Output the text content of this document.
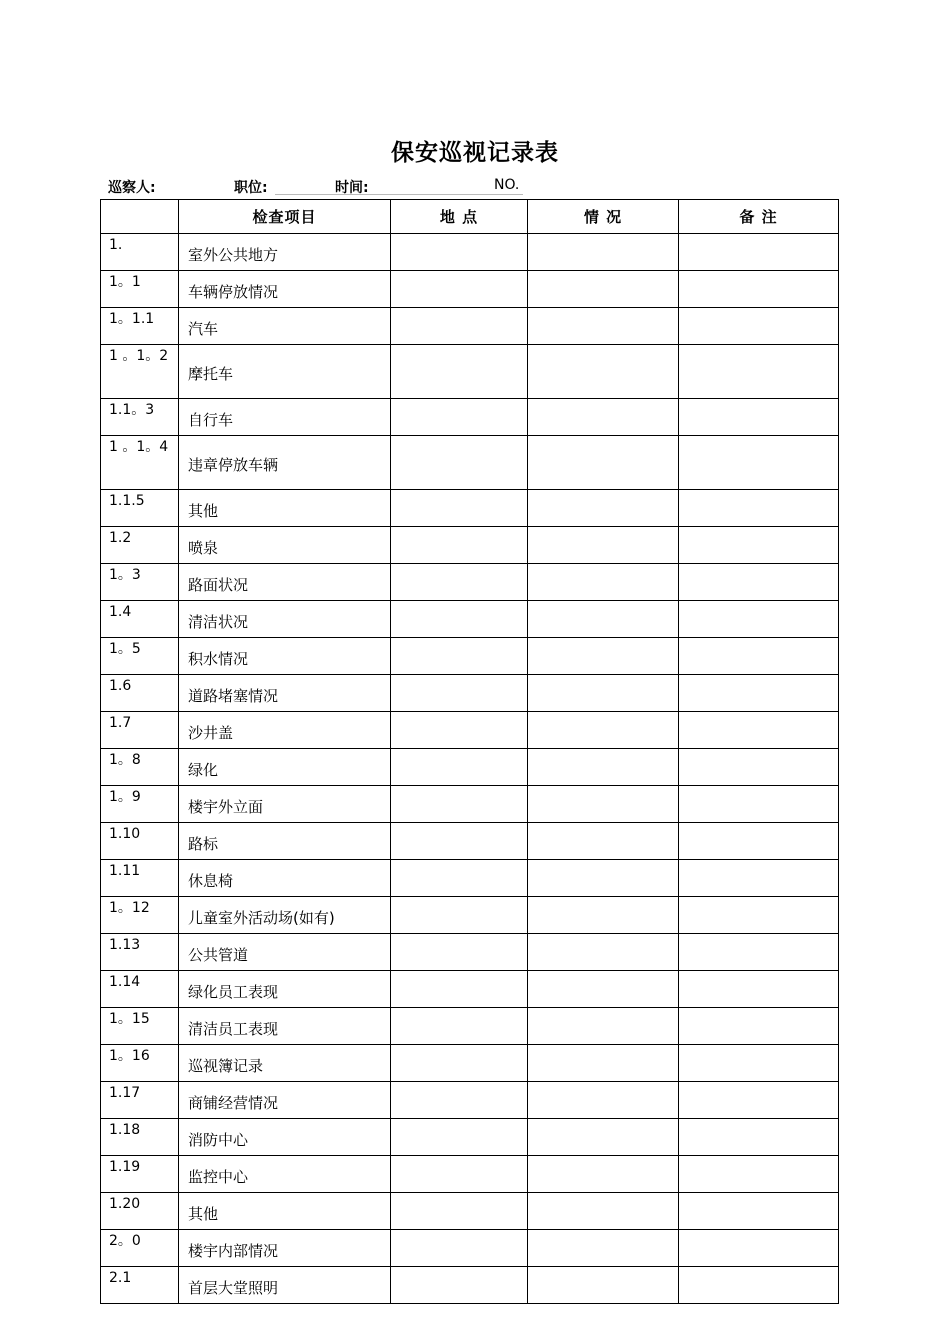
保安巡视记录表
巡察人:	职位:	时间:	NO.
	检查项目	地 点	情 况	备 注
1.	室外公共地方			
1。1	车辆停放情况			
1。1.1	汽车			
1 。1。2	摩托车			
1.1。3	自行车			
1 。1。4	违章停放车辆			
1.1.5	其他			
1.2	喷泉			
1。3	路面状况			
1.4	清洁状况			
1。5	积水情况			
1.6	道路堵塞情况			
1.7	沙井盖			
1。8	绿化			
1。9	楼宇外立面			
1.10	路标			
1.11	休息椅			
1。12	儿童室外活动场(如有)			
1.13	公共管道			
1.14	绿化员工表现			
1。15	清洁员工表现			
1。16	巡视簿记录			
1.17	商铺经营情况			
1.18	消防中心			
1.19	监控中心			
1.20	其他			
2。0	楼宇内部情况			
2.1	首层大堂照明			
